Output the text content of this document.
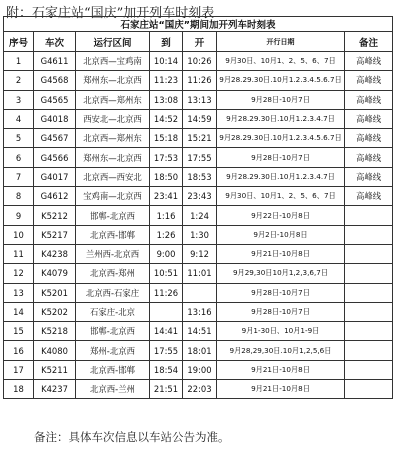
附：石家庄站“国庆”加开列车时刻表
石家庄站“国庆”期间加开列车时刻表						
序号	车次	运行区间	到	开	开行日期	备注
1	G4611	北京西—宝鸡南	10:14	10:26	9月30日、10月1、2、5、6、7日	高峰线
2	G4568	郑州东—北京西	11:23	11:26	9月28.29.30日.10月1.2.3.4.5.6.7日	高峰线
3	G4565	北京西—郑州东	13:08	13:13	9月28日-10月7日	高峰线
4	G4018	西安北—北京西	14:52	14:59	9月28.29.30日.10月1.2.3.4.7日	高峰线
5	G4567	北京西—郑州东	15:18	15:21	9月28.29.30日.10月1.2.3.4.5.6.7日	高峰线
6	G4566	郑州东—北京西	17:53	17:55	9月28日-10月7日	高峰线
7	G4017	北京西—西安北	18:50	18:53	9月28.29.30日.10月1.2.3.4.7日	高峰线
8	G4612	宝鸡南—北京西	23:41	23:43	9月30日、10月1、2、5、6、7日	高峰线
9	K5212	邯郸-北京西	1:16	1:24	9月22日-10月8日	
10	K5217	北京西-邯郸	1:26	1:30	9月2日-10月8日	
11	K4238	兰州西-北京西	9:00	9:12	9月21日-10月8日	
12	K4079	北京西-郑州	10:51	11:01	9月29,30日10月1,2,3,6,7日	
13	K5201	北京西-石家庄	11:26		9月28日-10月7日	
14	K5202	石家庄-北京		13:16	9月28日-10月7日	
15	K5218	邯郸-北京西	14:41	14:51	9月1-30日、10月1-9日	
16	K4080	郑州-北京西	17:55	18:01	9月28,29,30日.10月1,2,5,6日	
17	K5211	北京西-邯郸	18:54	19:00	9月21日-10月8日	
18	K4237	北京西-兰州	21:51	22:03	9月21日-10月8日	
备注：具体车次信息以车站公告为准。
